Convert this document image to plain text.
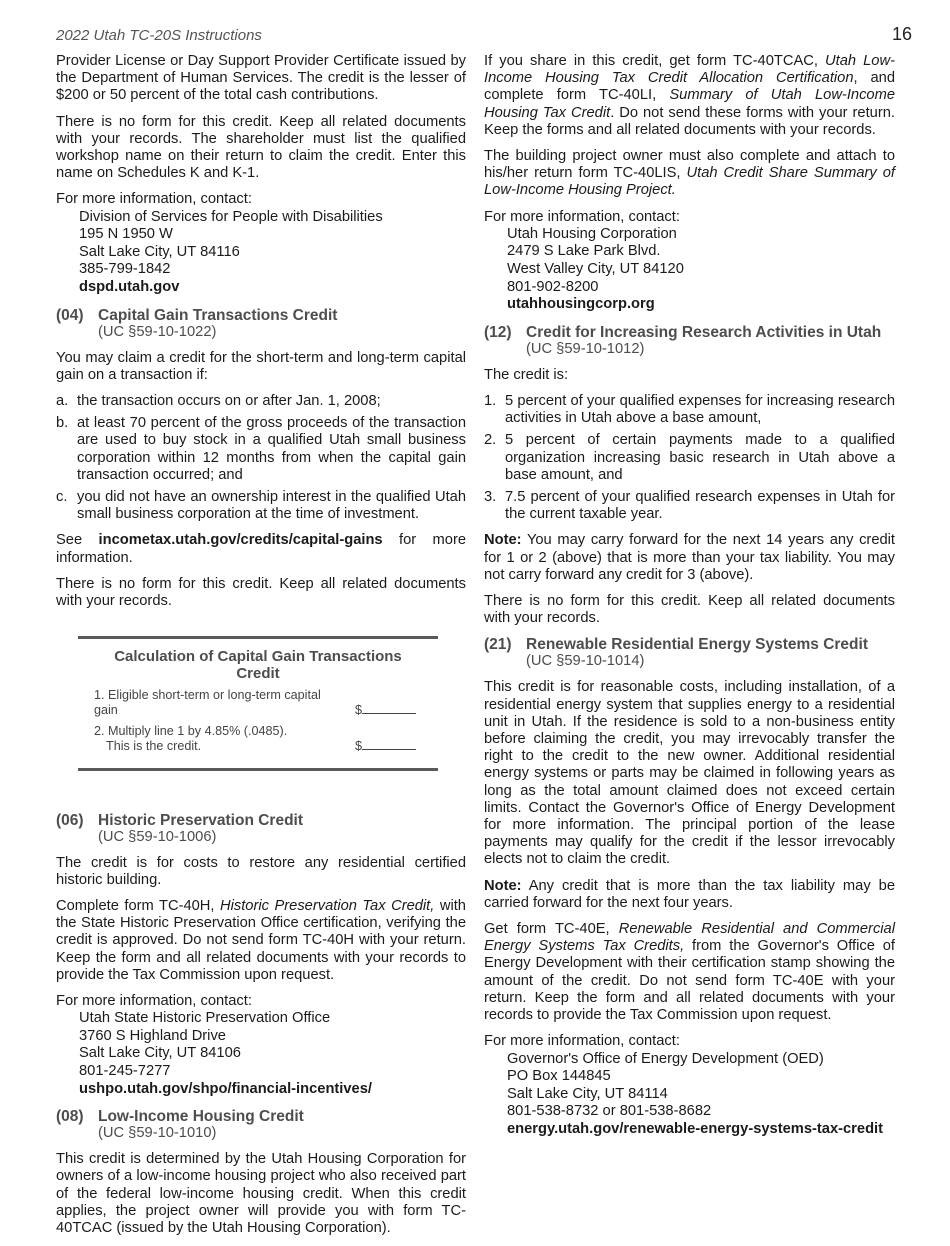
2022 Utah TC-20S Instructions	16

Provider License or Day Support Provider Certificate issued by the Department of Human Services. The credit is the lesser of $200 or 50 percent of the total cash contributions.

There is no form for this credit. Keep all related documents with your records. The shareholder must list the qualified workshop name on their return to claim the credit. Enter this name on Schedules K and K-1.

For more information, contact:
Division of Services for People with Disabilities
195 N 1950 W
Salt Lake City, UT 84116
385-799-1842
dspd.utah.gov
(04) Capital Gain Transactions Credit
(UC §59-10-1022)

You may claim a credit for the short-term and long-term capital gain on a transaction if:

a. the transaction occurs on or after Jan. 1, 2008;
b. at least 70 percent of the gross proceeds of the transaction are used to buy stock in a qualified Utah small business corporation within 12 months from when the capital gain transaction occurred; and
c. you did not have an ownership interest in the qualified Utah small business corporation at the time of investment.

See incometax.utah.gov/credits/capital-gains for more information.

There is no form for this credit. Keep all related documents with your records.

Calculation of Capital Gain Transactions Credit
1. Eligible short-term or long-term capital gain	$
2. Multiply line 1 by 4.85% (.0485).
This is the credit.	$
(06) Historic Preservation Credit
(UC §59-10-1006)

The credit is for costs to restore any residential certified historic building.

Complete form TC-40H, Historic Preservation Tax Credit, with the State Historic Preservation Office certification, verifying the credit is approved. Do not send form TC-40H with your return. Keep the form and all related documents with your records to provide the Tax Commission upon request.

For more information, contact:
Utah State Historic Preservation Office
3760 S Highland Drive
Salt Lake City, UT 84106
801-245-7277
ushpo.utah.gov/shpo/financial-incentives/
(08) Low-Income Housing Credit
(UC §59-10-1010)

This credit is determined by the Utah Housing Corporation for owners of a low-income housing project who also received part of the federal low-income housing credit. When this credit applies, the project owner will provide you with form TC-40TCAC (issued by the Utah Housing Corporation).

If you share in this credit, get form TC-40TCAC, Utah Low-Income Housing Tax Credit Allocation Certification, and complete form TC-40LI, Summary of Utah Low-Income Housing Tax Credit. Do not send these forms with your return. Keep the forms and all related documents with your records.

The building project owner must also complete and attach to his/her return form TC-40LIS, Utah Credit Share Summary of Low-Income Housing Project.

For more information, contact:
Utah Housing Corporation
2479 S Lake Park Blvd.
West Valley City, UT 84120
801-902-8200
utahhousingcorp.org
(12) Credit for Increasing Research Activities in Utah
(UC §59-10-1012)

The credit is:

1. 5 percent of your qualified expenses for increasing research activities in Utah above a base amount,
2. 5 percent of certain payments made to a qualified organization increasing basic research in Utah above a base amount, and
3. 7.5 percent of your qualified research expenses in Utah for the current taxable year.

Note: You may carry forward for the next 14 years any credit for 1 or 2 (above) that is more than your tax liability. You may not carry forward any credit for 3 (above).

There is no form for this credit. Keep all related documents with your records.

(21) Renewable Residential Energy Systems Credit
(UC §59-10-1014)

This credit is for reasonable costs, including installation, of a residential energy system that supplies energy to a residential unit in Utah. If the residence is sold to a non-business entity before claiming the credit, you may irrevocably transfer the right to the credit to the new owner. Additional residential energy systems or parts may be claimed in following years as long as the total amount claimed does not exceed certain limits. Contact the Governor's Office of Energy Development for more information. The principal portion of the lease payments may qualify for the credit if the lessor irrevocably elects not to claim the credit.

Note: Any credit that is more than the tax liability may be carried forward for the next four years.

Get form TC-40E, Renewable Residential and Commercial Energy Systems Tax Credits, from the Governor's Office of Energy Development with their certification stamp showing the amount of the credit. Do not send form TC-40E with your return. Keep the form and all related documents with your records to provide the Tax Commission upon request.

For more information, contact:
Governor's Office of Energy Development (OED)
PO Box 144845
Salt Lake City, UT 84114
801-538-8732 or 801-538-8682
energy.utah.gov/renewable-energy-systems-tax-credit
